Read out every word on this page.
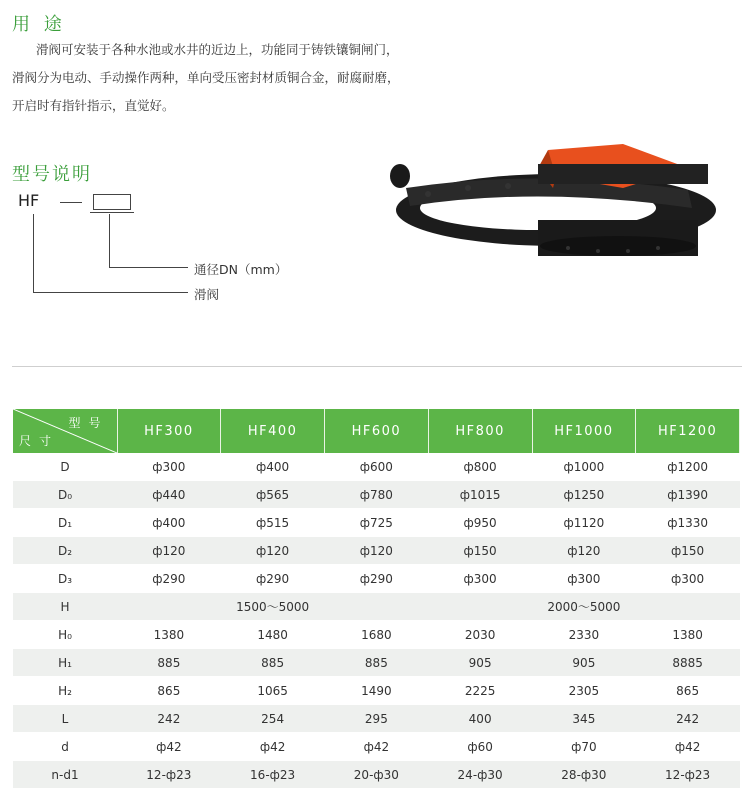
用 途

滑阀可安装于各种水池或水井的近边上，功能同于铸铁镶铜闸门，滑阀分为电动、手动操作两种，单向受压密封材质铜合金，耐腐耐磨，开启时有指针指示，直觉好。

型号说明
HF
通径DN（mm）
滑阀
型号
尺寸	HF300	HF400	HF600	HF800	HF1000	HF1200
D	ф300	ф400	ф600	ф800	ф1000	ф1200
D₀	ф440	ф565	ф780	ф1015	ф1250	ф1390
D₁	ф400	ф515	ф725	ф950	ф1120	ф1330
D₂	ф120	ф120	ф120	ф150	ф120	ф150
D₃	ф290	ф290	ф290	ф300	ф300	ф300
H	1500～5000			2000～5000		
H₀	1380	1480	1680	2030	2330	1380
H₁	885	885	885	905	905	8885
H₂	865	1065	1490	2225	2305	865
L	242	254	295	400	345	242
d	ф42	ф42	ф42	ф60	ф70	ф42
n-d1	12-ф23	16-ф23	20-ф30	24-ф30	28-ф30	12-ф23
